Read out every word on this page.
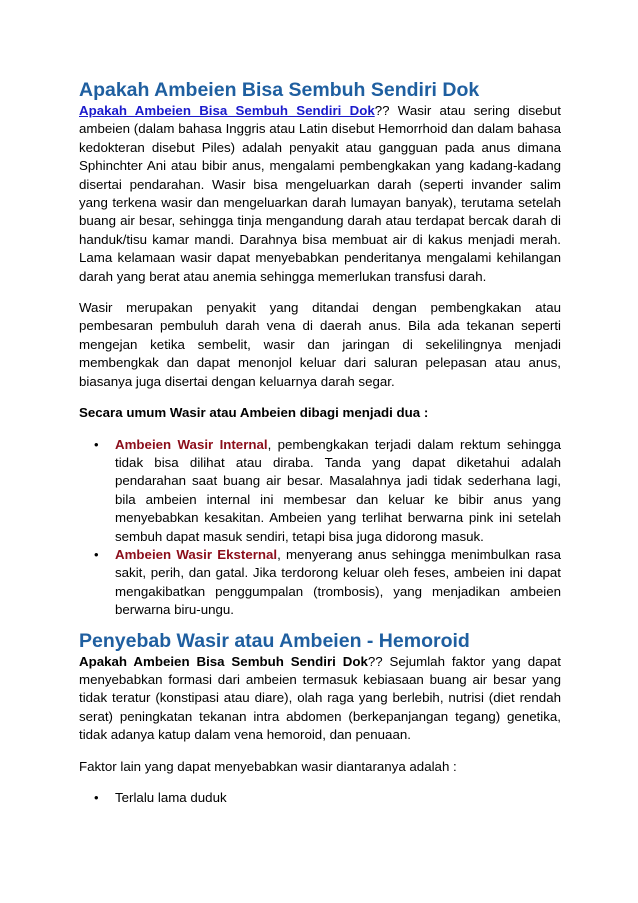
Apakah Ambeien Bisa Sembuh Sendiri Dok

Apakah Ambeien Bisa Sembuh Sendiri Dok?? Wasir atau sering disebut ambeien (dalam bahasa Inggris atau Latin disebut Hemorrhoid dan dalam bahasa kedokteran disebut Piles) adalah penyakit atau gangguan pada anus dimana Sphinchter Ani atau bibir anus, mengalami pembengkakan yang kadang-kadang disertai pendarahan. Wasir bisa mengeluarkan darah (seperti invander salim yang terkena wasir dan mengeluarkan darah lumayan banyak), terutama setelah buang air besar, sehingga tinja mengandung darah atau terdapat bercak darah di handuk/tisu kamar mandi. Darahnya bisa membuat air di kakus menjadi merah. Lama kelamaan wasir dapat menyebabkan penderitanya mengalami kehilangan darah yang berat atau anemia sehingga memerlukan transfusi darah.

Wasir merupakan penyakit yang ditandai dengan pembengkakan atau pembesaran pembuluh darah vena di daerah anus. Bila ada tekanan seperti mengejan ketika sembelit, wasir dan jaringan di sekelilingnya menjadi membengkak dan dapat menonjol keluar dari saluran pelepasan atau anus, biasanya juga disertai dengan keluarnya darah segar.

Secara umum Wasir atau Ambeien dibagi menjadi dua :

• Ambeien Wasir Internal, pembengkakan terjadi dalam rektum sehingga tidak bisa dilihat atau diraba. Tanda yang dapat diketahui adalah pendarahan saat buang air besar. Masalahnya jadi tidak sederhana lagi, bila ambeien internal ini membesar dan keluar ke bibir anus yang menyebabkan kesakitan. Ambeien yang terlihat berwarna pink ini setelah sembuh dapat masuk sendiri, tetapi bisa juga didorong masuk.
• Ambeien Wasir Eksternal, menyerang anus sehingga menimbulkan rasa sakit, perih, dan gatal. Jika terdorong keluar oleh feses, ambeien ini dapat mengakibatkan penggumpalan (trombosis), yang menjadikan ambeien berwarna biru-ungu.
Penyebab Wasir atau Ambeien - Hemoroid

Apakah Ambeien Bisa Sembuh Sendiri Dok?? Sejumlah faktor yang dapat menyebabkan formasi dari ambeien termasuk kebiasaan buang air besar yang tidak teratur (konstipasi atau diare), olah raga yang berlebih, nutrisi (diet rendah serat) peningkatan tekanan intra abdomen (berkepanjangan tegang) genetika, tidak adanya katup dalam vena hemoroid, dan penuaan.

Faktor lain yang dapat menyebabkan wasir diantaranya adalah :

• Terlalu lama duduk
